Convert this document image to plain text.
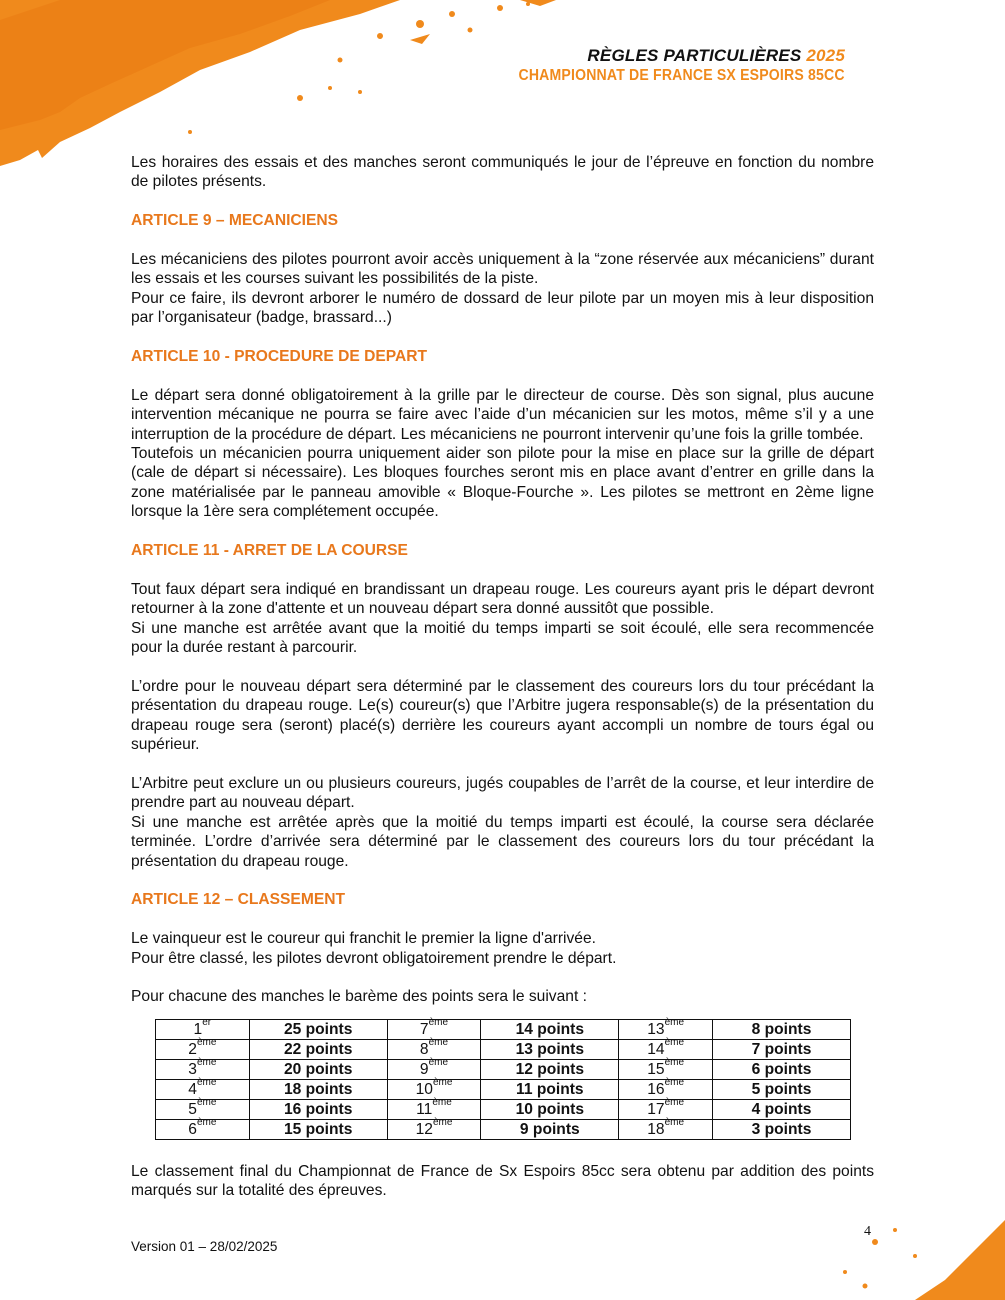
RÈGLES PARTICULIÈRES 2025
CHAMPIONNAT DE FRANCE SX ESPOIRS 85CC

Les horaires des essais et des manches seront communiqués le jour de l’épreuve en fonction du nombre de pilotes présents.

ARTICLE 9 – MECANICIENS

Les mécaniciens des pilotes pourront avoir accès uniquement à la “zone réservée aux mécaniciens” durant les essais et les courses suivant les possibilités de la piste.

Pour ce faire, ils devront arborer le numéro de dossard de leur pilote par un moyen mis à leur disposition par l’organisateur (badge, brassard...)

ARTICLE 10 - PROCEDURE DE DEPART

Le départ sera donné obligatoirement à la grille par le directeur de course. Dès son signal, plus aucune intervention mécanique ne pourra se faire avec l’aide d’un mécanicien sur les motos, même s’il y a une interruption de la procédure de départ. Les mécaniciens ne pourront intervenir qu’une fois la grille tombée.

Toutefois un mécanicien pourra uniquement aider son pilote pour la mise en place sur la grille de départ (cale de départ si nécessaire). Les bloques fourches seront mis en place avant d’entrer en grille dans la zone matérialisée par le panneau amovible « Bloque-Fourche ». Les pilotes se mettront en 2ème ligne lorsque la 1ère sera complétement occupée.

ARTICLE 11 - ARRET DE LA COURSE

Tout faux départ sera indiqué en brandissant un drapeau rouge. Les coureurs ayant pris le départ devront retourner à la zone d'attente et un nouveau départ sera donné aussitôt que possible.

Si une manche est arrêtée avant que la moitié du temps imparti se soit écoulé, elle sera recommencée pour la durée restant à parcourir.

L’ordre pour le nouveau départ sera déterminé par le classement des coureurs lors du tour précédant la présentation du drapeau rouge. Le(s) coureur(s) que l’Arbitre jugera responsable(s) de la présentation du drapeau rouge sera (seront) placé(s) derrière les coureurs ayant accompli un nombre de tours égal ou supérieur.

L’Arbitre peut exclure un ou plusieurs coureurs, jugés coupables de l’arrêt de la course, et leur interdire de prendre part au nouveau départ.

Si une manche est arrêtée après que la moitié du temps imparti est écoulé, la course sera déclarée terminée. L’ordre d’arrivée sera déterminé par le classement des coureurs lors du tour précédant la présentation du drapeau rouge.

ARTICLE 12 – CLASSEMENT

Le vainqueur est le coureur qui franchit le premier la ligne d'arrivée.

Pour être classé, les pilotes devront obligatoirement prendre le départ.

Pour chacune des manches le barème des points sera le suivant :

1er	25 points	7ème	14 points	13ème	8 points
2ème	22 points	8ème	13 points	14ème	7 points
3ème	20 points	9ème	12 points	15ème	6 points
4ème	18 points	10ème	11 points	16ème	5 points
5ème	16 points	11ème	10 points	17ème	4 points
6ème	15 points	12ème	9 points	18ème	3 points

Le classement final du Championnat de France de Sx Espoirs 85cc sera obtenu par addition des points marqués sur la totalité des épreuves.

4
Version 01 – 28/02/2025
